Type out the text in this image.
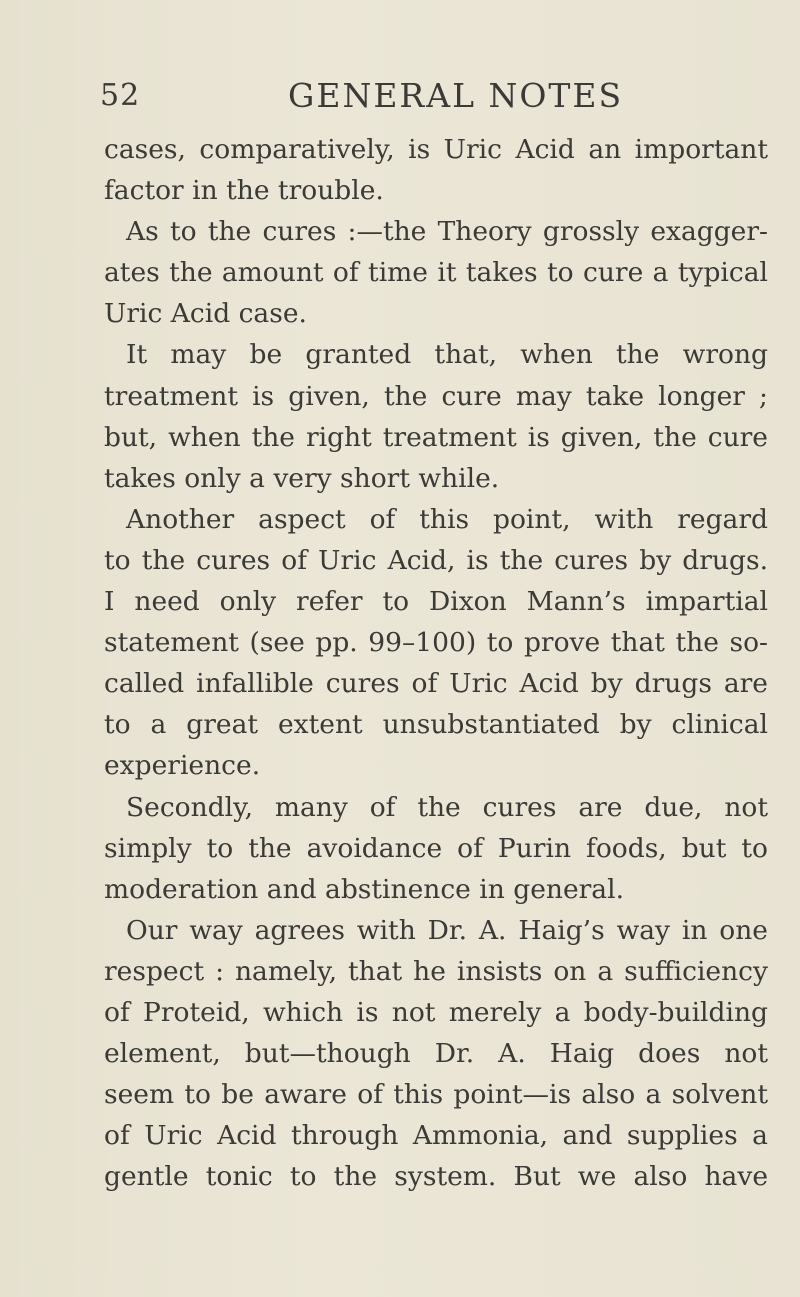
52	GENERAL NOTES
cases, comparatively, is Uric Acid an important
factor in the trouble.
As to the cures :—the Theory grossly exagger-
ates the amount of time it takes to cure a typical
Uric Acid case.
It may be granted that, when the wrong
treatment is given, the cure may take longer ;
but, when the right treatment is given, the cure
takes only a very short while.
Another aspect of this point, with regard
to the cures of Uric Acid, is the cures by drugs.
I need only refer to Dixon Mann’s impartial
statement (see pp. 99–100) to prove that the so-
called infallible cures of Uric Acid by drugs are
to a great extent unsubstantiated by clinical
experience.
Secondly, many of the cures are due, not
simply to the avoidance of Purin foods, but to
moderation and abstinence in general.
Our way agrees with Dr. A. Haig’s way in one
respect : namely, that he insists on a sufficiency
of Proteid, which is not merely a body-building
element, but—though Dr. A. Haig does not
seem to be aware of this point—is also a solvent
of Uric Acid through Ammonia, and supplies a
gentle tonic to the system. But we also have
